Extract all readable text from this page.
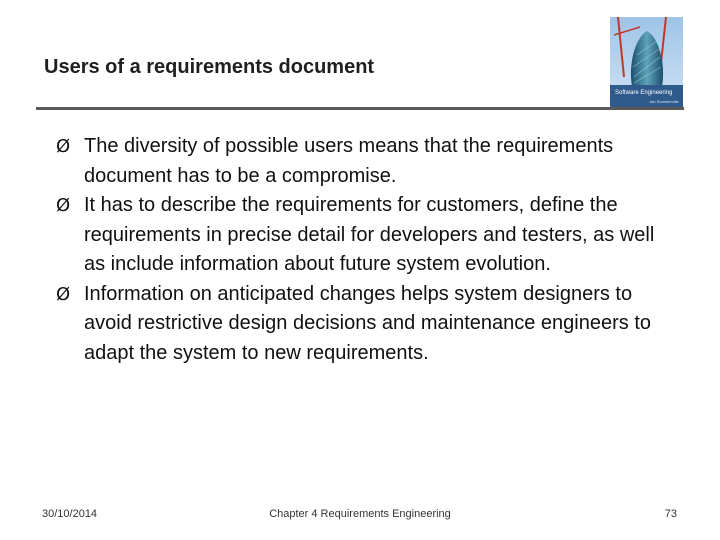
Users of a requirements document
Software Engineering
Ian Sommerville
Ø The diversity of possible users means that the requirements document has to be a compromise.
Ø It has to describe the requirements for customers, define the requirements in precise detail for developers and testers, as well as include information about future system evolution.
Ø Information on anticipated changes helps system designers to avoid restrictive design decisions and maintenance engineers to adapt the system to new requirements.
30/10/2014	Chapter 4 Requirements Engineering	73
